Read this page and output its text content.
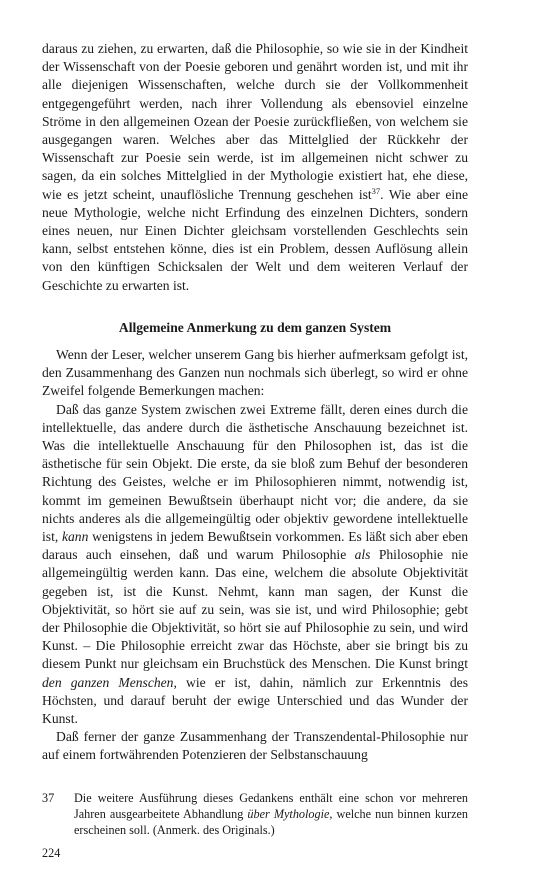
daraus zu ziehen, zu erwarten, daß die Philosophie, so wie sie in der Kindheit der Wissenschaft von der Poesie geboren und genährt worden ist, und mit ihr alle diejenigen Wissenschaften, welche durch sie der Vollkommenheit entgegengeführt werden, nach ihrer Vollendung als ebensoviel einzelne Ströme in den allgemeinen Ozean der Poesie zurückfließen, von welchem sie ausgegangen waren. Welches aber das Mittelglied der Rückkehr der Wissenschaft zur Poesie sein werde, ist im allgemeinen nicht schwer zu sagen, da ein solches Mittelglied in der Mythologie existiert hat, ehe diese, wie es jetzt scheint, unauflösliche Trennung geschehen ist$^{37}$. Wie aber eine neue Mythologie, welche nicht Erfindung des einzelnen Dichters, sondern eines neuen, nur Einen Dichter gleichsam vorstellenden Geschlechts sein kann, selbst entstehen könne, dies ist ein Problem, dessen Auflösung allein von den künftigen Schicksalen der Welt und dem weiteren Verlauf der Geschichte zu erwarten ist.

Allgemeine Anmerkung zu dem ganzen System

Wenn der Leser, welcher unserem Gang bis hierher aufmerksam gefolgt ist, den Zusammenhang des Ganzen nun nochmals sich überlegt, so wird er ohne Zweifel folgende Bemerkungen machen:

Daß das ganze System zwischen zwei Extreme fällt, deren eines durch die intellektuelle, das andere durch die ästhetische Anschauung bezeichnet ist. Was die intellektuelle Anschauung für den Philosophen ist, das ist die ästhetische für sein Objekt. Die erste, da sie bloß zum Behuf der besonderen Richtung des Geistes, welche er im Philosophieren nimmt, notwendig ist, kommt im gemeinen Bewußtsein überhaupt nicht vor; die andere, da sie nichts anderes als die allgemeingültig oder objektiv gewordene intellektuelle ist, kann wenigstens in jedem Bewußtsein vorkommen. Es läßt sich aber eben daraus auch einsehen, daß und warum Philosophie als Philosophie nie allgemeingültig werden kann. Das eine, welchem die absolute Objektivität gegeben ist, ist die Kunst. Nehmt, kann man sagen, der Kunst die Objektivität, so hört sie auf zu sein, was sie ist, und wird Philosophie; gebt der Philosophie die Objektivität, so hört sie auf Philosophie zu sein, und wird Kunst. – Die Philosophie erreicht zwar das Höchste, aber sie bringt bis zu diesem Punkt nur gleichsam ein Bruchstück des Menschen. Die Kunst bringt den ganzen Menschen, wie er ist, dahin, nämlich zur Erkenntnis des Höchsten, und darauf beruht der ewige Unterschied und das Wunder der Kunst.

Daß ferner der ganze Zusammenhang der Transzendental-Philosophie nur auf einem fortwährenden Potenzieren der Selbstanschauung

37 Die weitere Ausführung dieses Gedankens enthält eine schon vor mehreren Jahren ausgearbeitete Abhandlung über Mythologie, welche nun binnen kurzen erscheinen soll. (Anmerk. des Originals.)
224
